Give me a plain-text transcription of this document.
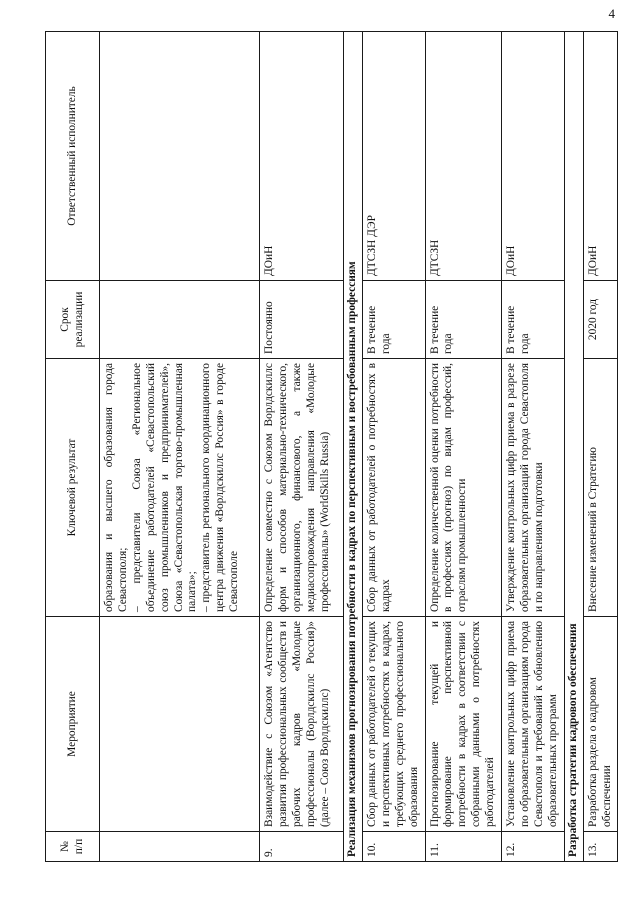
4
№ п/п	Мероприятие	Ключевой результат	Срок реализации	Ответственный исполнитель

		образования и высшего образования города Севастополя; – представители Союза «Региональное объединение работодателей «Севастопольский союз промышленников и предпринимателей», Союза «Севастопольская торгово-промышленная палата»; – представитель регионального координационного центра движения «Ворлдскиллс Россия» в городе Севастополе		

9.	Взаимодействие с Союзом «Агентство развития профессиональных сообществ и рабочих кадров «Молодые профессионалы (Ворлдскиллс Россия)» (далее – Союз Ворлдскиллс)	Определение совместно с Союзом Ворлдскиллс форм и способов материально-технического, организационного, финансового, а также медиасопровождения направления «Молодые профессионалы» (WorldSkills Russia)	Постоянно	ДОиН
Реализация механизмов прогнозирования потребности в кадрах по перспективным и востребованным профессиям				
10.	Сбор данных от работодателей о текущих и перспективных потребностях в кадрах, требующих среднего профессионального образования	Сбор данных от работодателей о потребностях в кадрах	В течение года	ДТСЗН ДЭР
11.	Прогнозирование текущей и формирование перспективной потребности в кадрах в соответствии с собранными данными о потребностях работодателей	Определение количественной оценки потребности в профессиях (прогноз) по видам профессий, отраслям промышленности	В течение года	ДТСЗН
12.	Установление контрольных цифр приема по образовательным организациям города Севастополя и требований к обновлению образовательных программ	Утверждение контрольных цифр приема в разрезе образовательных организаций города Севастополя и по направлениям подготовки	В течение года	ДОиН
Разработка стратегии кадрового обеспечения				
13.	Разработка раздела о кадровом обеспечении	Внесение изменений в Стратегию	2020 год	ДОиН
